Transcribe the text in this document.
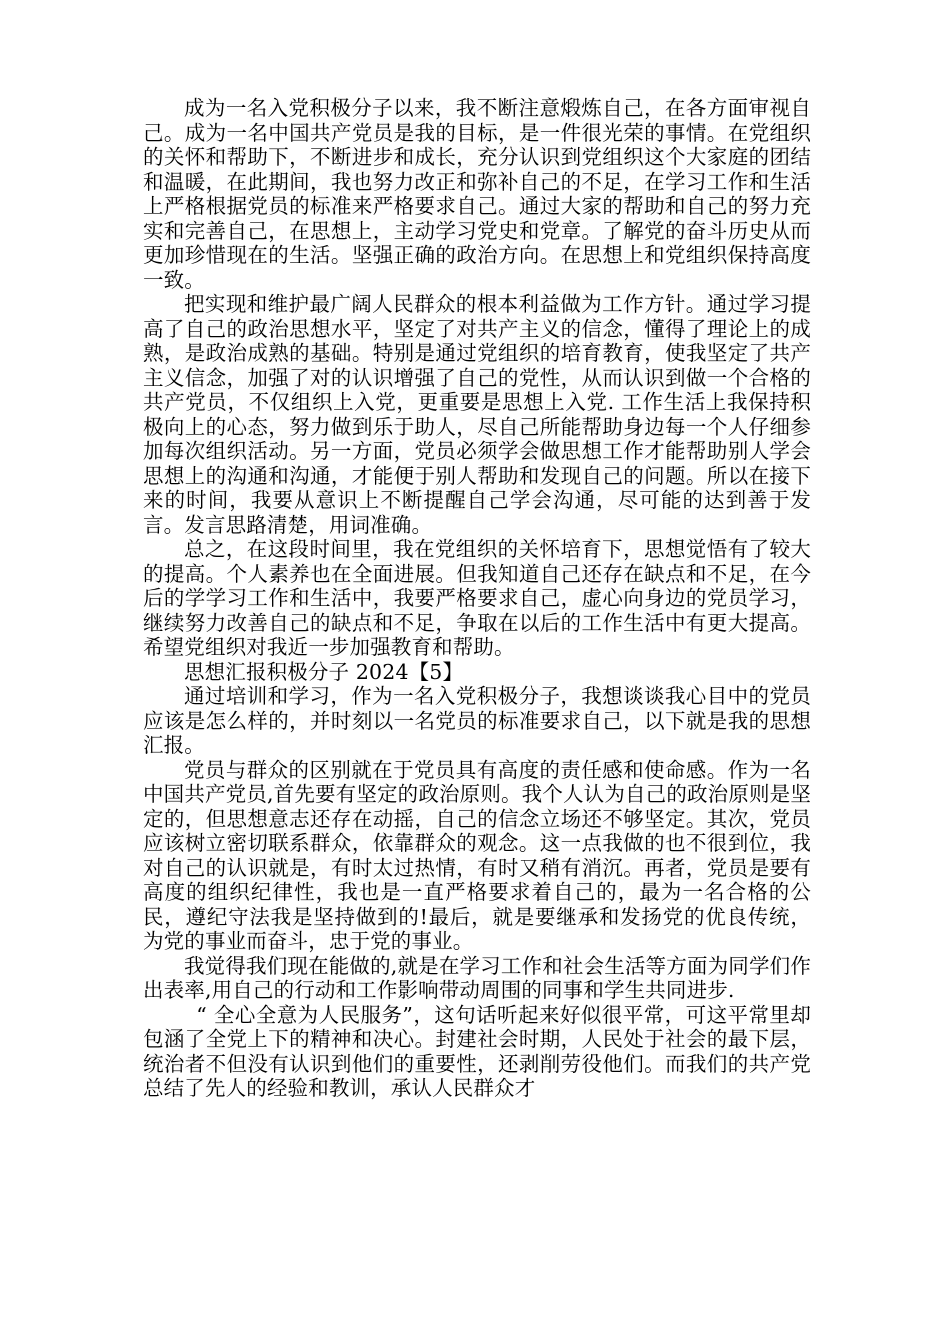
成为一名入党积极分子以来，我不断注意煅炼自己，在各方面审视自己。成为一名中国共产党员是我的目标，是一件很光荣的事情。在党组织的关怀和帮助下，不断进步和成长，充分认识到党组织这个大家庭的团结和温暖，在此期间，我也努力改正和弥补自己的不足，在学习工作和生活上严格根据党员的标准来严格要求自己。通过大家的帮助和自己的努力充实和完善自己，在思想上，主动学习党史和党章。了解党的奋斗历史从而更加珍惜现在的生活。坚强正确的政治方向。在思想上和党组织保持高度一致。

把实现和维护最广阔人民群众的根本利益做为工作方针。通过学习提高了自己的政治思想水平，坚定了对共产主义的信念，懂得了理论上的成熟，是政治成熟的基础。特别是通过党组织的培育教育，使我坚定了共产主义信念，加强了对的认识增强了自己的党性，从而认识到做一个合格的共产党员，不仅组织上入党，更重要是思想上入党. 工作生活上我保持积极向上的心态，努力做到乐于助人，尽自己所能帮助身边每一个人仔细参加每次组织活动。另一方面，党员必须学会做思想工作才能帮助别人学会思想上的沟通和沟通，才能便于别人帮助和发现自己的问题。所以在接下来的时间，我要从意识上不断提醒自己学会沟通，尽可能的达到善于发言。发言思路清楚，用词准确。

总之，在这段时间里，我在党组织的关怀培育下，思想觉悟有了较大的提高。个人素养也在全面进展。但我知道自己还存在缺点和不足，在今后的学学习工作和生活中，我要严格要求自己，虚心向身边的党员学习，继续努力改善自己的缺点和不足，争取在以后的工作生活中有更大提高。希望党组织对我近一步加强教育和帮助。

思想汇报积极分子 2024【5】

通过培训和学习，作为一名入党积极分子，我想谈谈我心目中的党员应该是怎么样的，并时刻以一名党员的标准要求自己，以下就是我的思想汇报。

党员与群众的区别就在于党员具有高度的责任感和使命感。作为一名中国共产党员,首先要有坚定的政治原则。我个人认为自己的政治原则是坚定的，但思想意志还存在动摇，自己的信念立场还不够坚定。其次，党员应该树立密切联系群众，依靠群众的观念。这一点我做的也不很到位，我对自己的认识就是，有时太过热情，有时又稍有消沉。再者，党员是要有高度的组织纪律性，我也是一直严格要求着自己的，最为一名合格的公民，遵纪守法我是坚持做到的!最后，就是要继承和发扬党的优良传统，为党的事业而奋斗，忠于党的事业。

我觉得我们现在能做的,就是在学习工作和社会生活等方面为同学们作出表率,用自己的行动和工作影响带动周围的同事和学生共同进步.

“ 全心全意为人民服务”，这句话听起来好似很平常，可这平常里却包涵了全党上下的精神和决心。封建社会时期，人民处于社会的最下层，统治者不但没有认识到他们的重要性，还剥削劳役他们。而我们的共产党总结了先人的经验和教训，承认人民群众才
